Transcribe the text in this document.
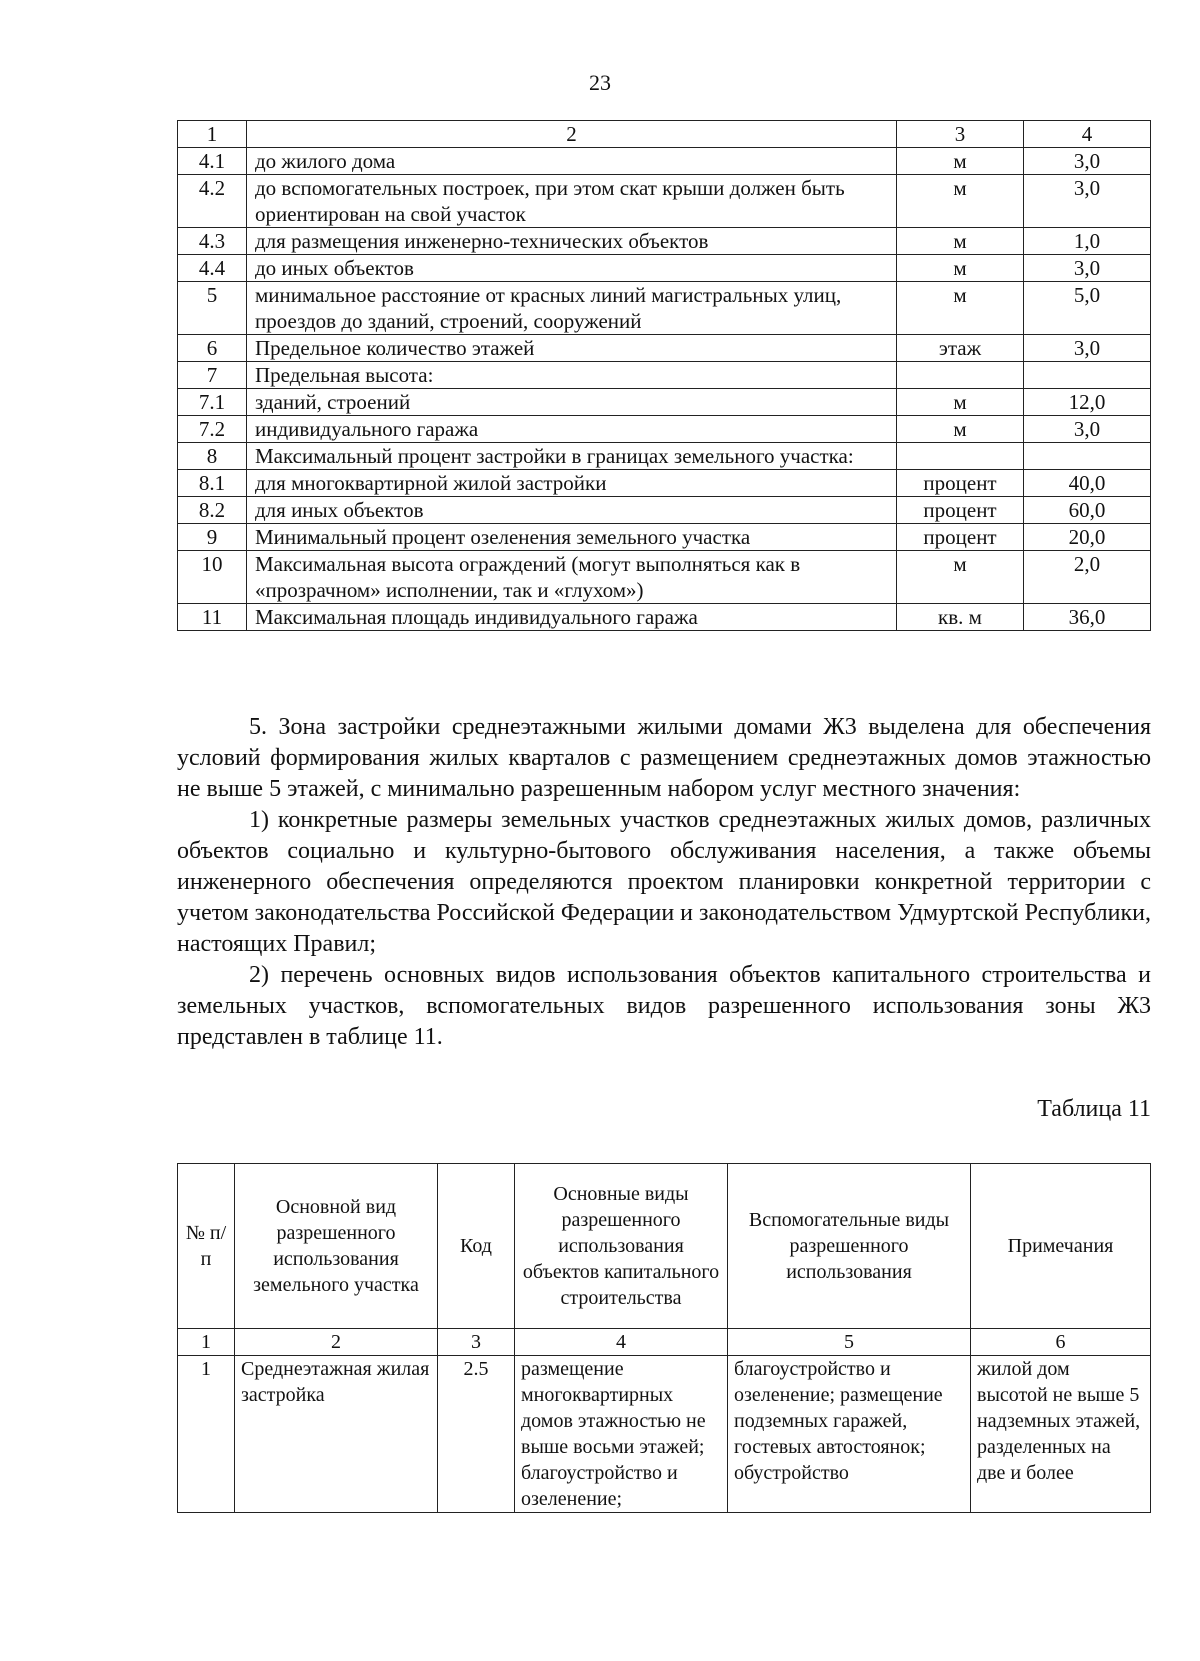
23
1	2	3	4
4.1	до жилого дома	м	3,0
4.2	до вспомогательных построек, при этом скат крыши должен быть ориентирован на свой участок	м	3,0
4.3	для размещения инженерно-технических объектов	м	1,0
4.4	до иных объектов	м	3,0
5	минимальное расстояние от красных линий магистральных улиц, проездов до зданий, строений, сооружений	м	5,0
6	Предельное количество этажей	этаж	3,0
7	Предельная высота:		
7.1	зданий, строений	м	12,0
7.2	индивидуального гаража	м	3,0
8	Максимальный процент застройки в границах земельного участка:		
8.1	для многоквартирной жилой застройки	процент	40,0
8.2	для иных объектов	процент	60,0
9	Минимальный процент озеленения земельного участка	процент	20,0
10	Максимальная высота ограждений (могут выполняться как в «прозрачном» исполнении, так и «глухом»)	м	2,0
11	Максимальная площадь индивидуального гаража	кв. м	36,0

5. Зона застройки среднеэтажными жилыми домами Ж3 выделена для обеспечения условий формирования жилых кварталов с размещением среднеэтажных домов этажностью не выше 5 этажей, с минимально разрешенным набором услуг местного значения:

1) конкретные размеры земельных участков среднеэтажных жилых домов, различных объектов социально и культурно-бытового обслуживания населения, а также объемы инженерного обеспечения определяются проектом планировки конкретной территории с учетом законодательства Российской Федерации и законодательством Удмуртской Республики, настоящих Правил;

2) перечень основных видов использования объектов капитального строительства и земельных участков, вспомогательных видов разрешенного использования зоны Ж3 представлен в таблице 11.

Таблица 11
№ п/п	Основной вид разрешенного использования земельного участка	Код	Основные виды разрешенного использования объектов капитального строительства	Вспомогательные виды разрешенного использования	Примечания
1	2	3	4	5	6
1	Среднеэтажная жилая застройка	2.5	размещение многоквартирных домов этажностью не выше восьми этажей; благоустройство и озеленение;	благоустройство и озеленение; размещение подземных гаражей, гостевых автостоянок; обустройство	жилой дом высотой не выше 5 надземных этажей, разделенных на две и более
